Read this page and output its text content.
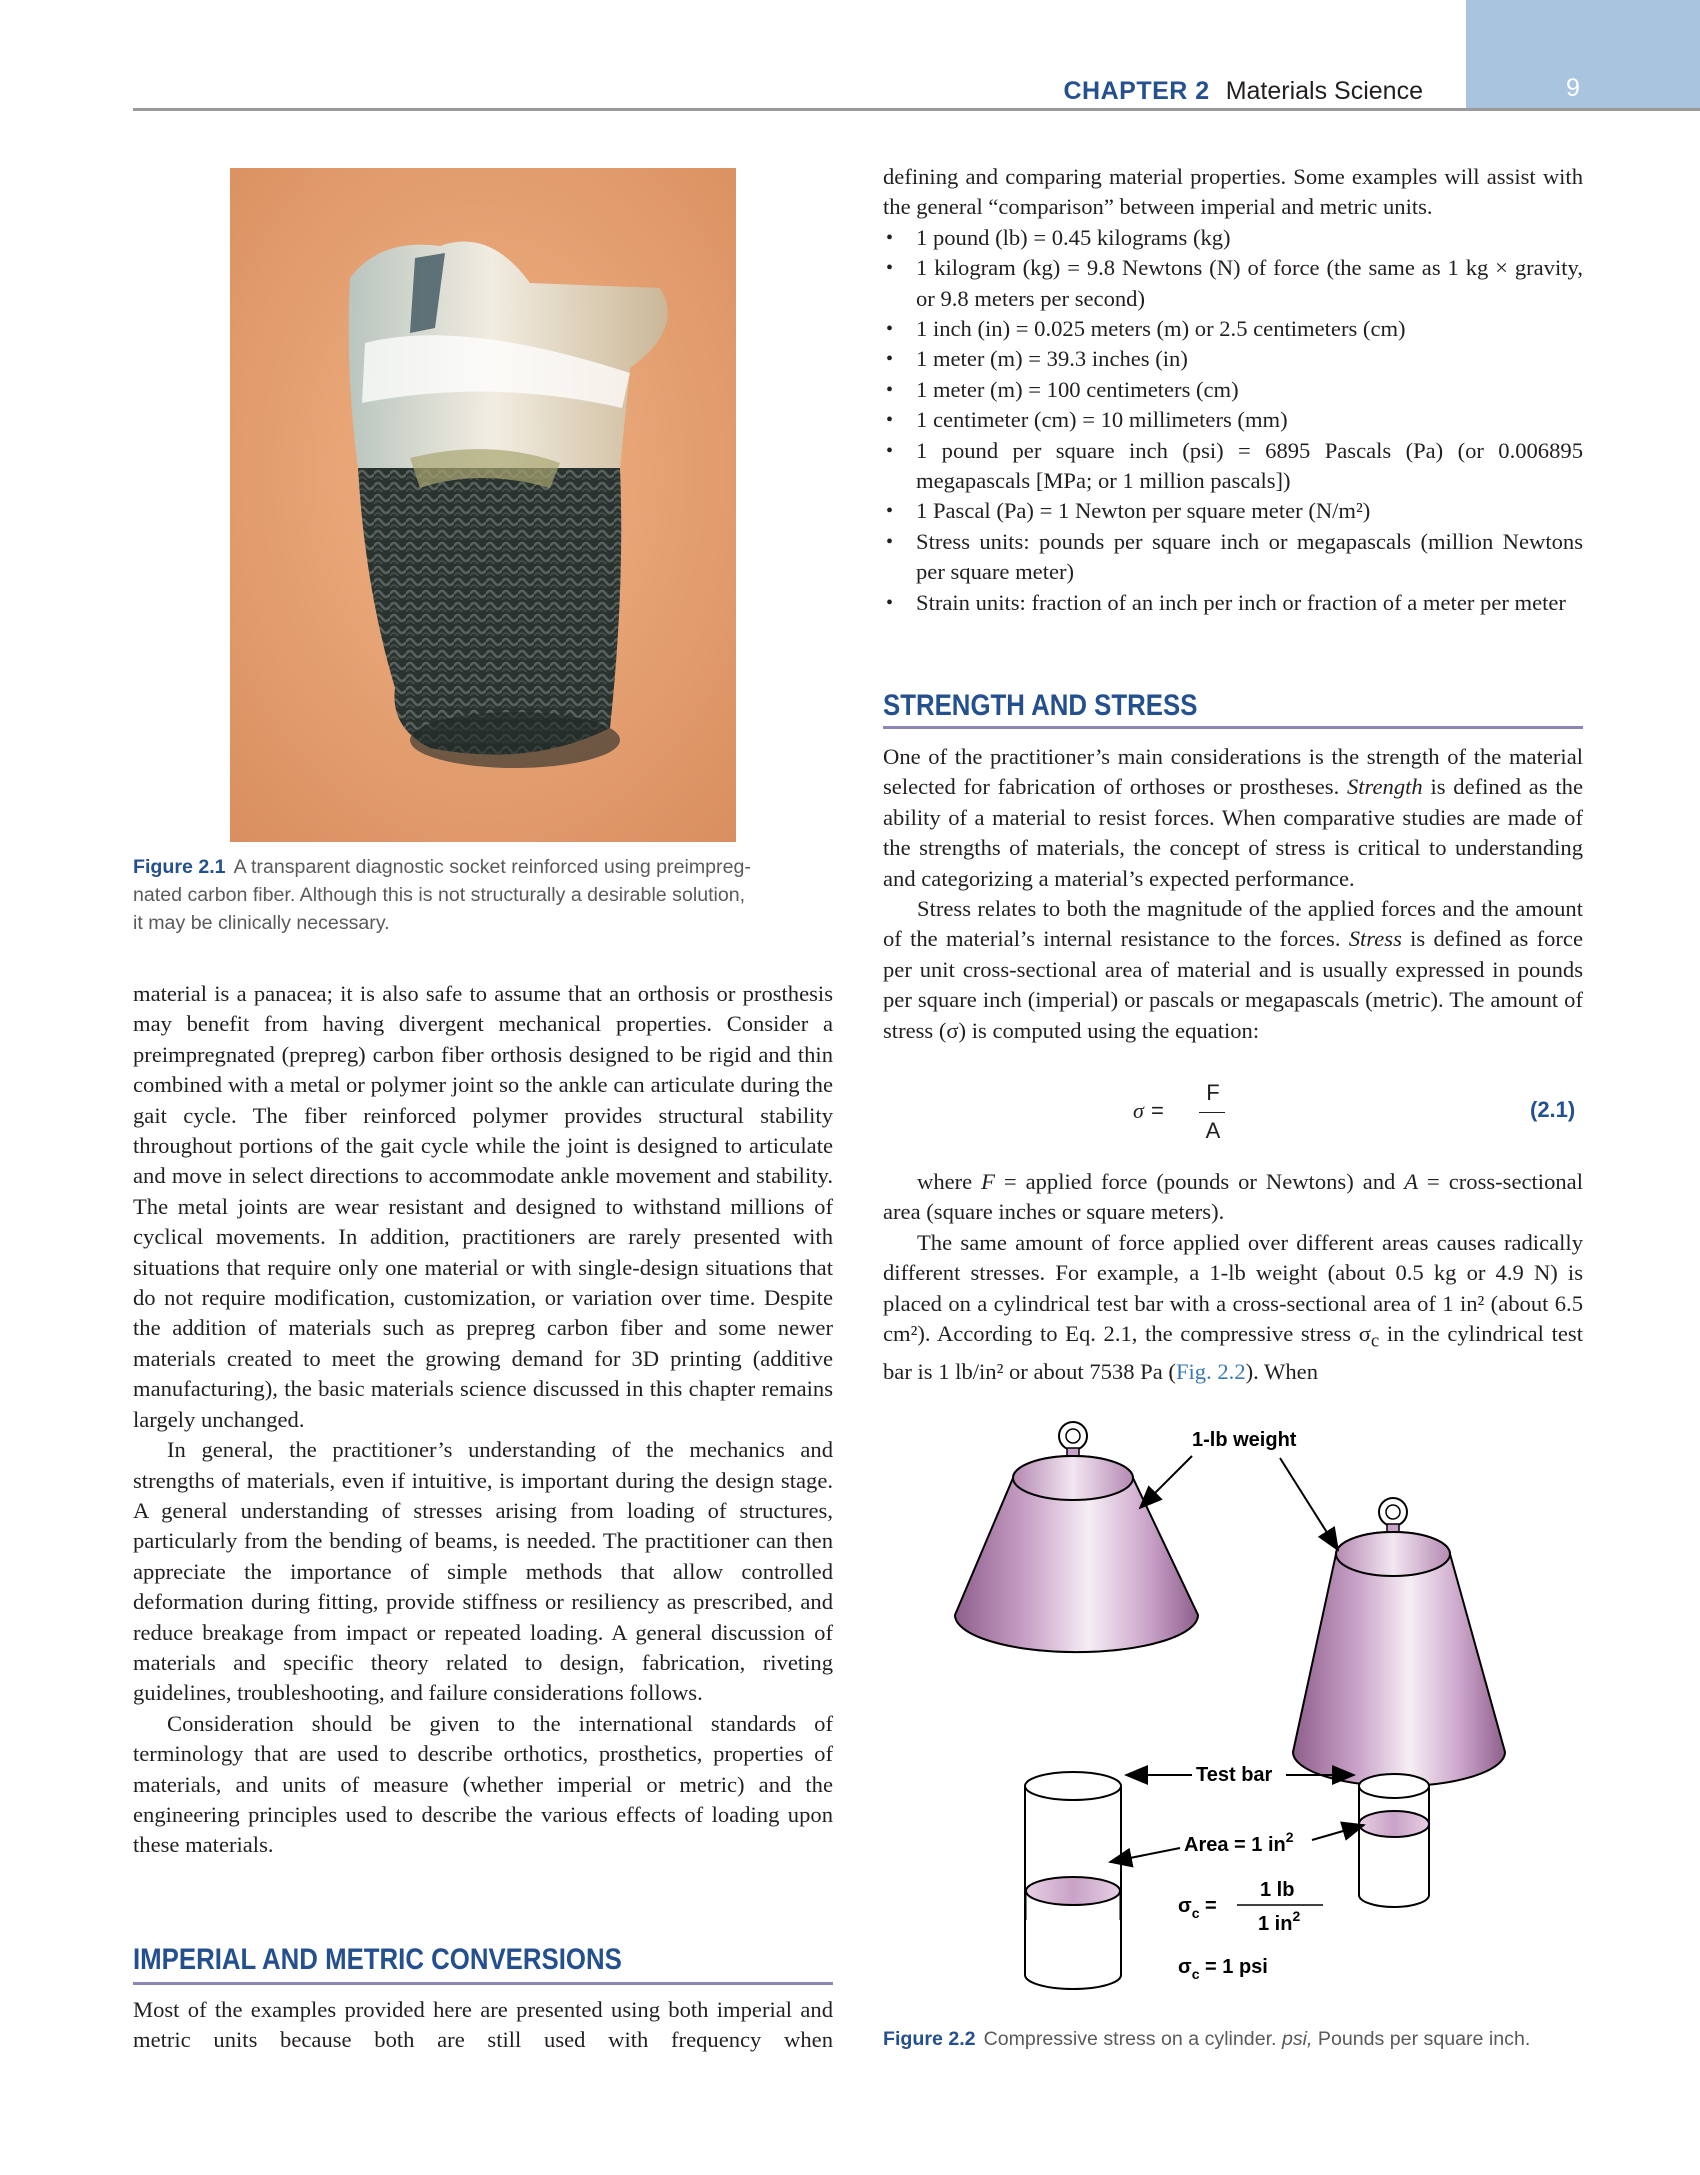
CHAPTER 2 Materials Science	9
Figure 2.1 A transparent diagnostic socket reinforced using preimpreg-
nated carbon fiber. Although this is not structurally a desirable solution,
it may be clinically necessary.

material is a panacea; it is also safe to assume that an orthosis or prosthesis may benefit from having divergent mechanical properties. Consider a preimpregnated (prepreg) carbon fiber orthosis designed to be rigid and thin combined with a metal or polymer joint so the ankle can articulate during the gait cycle. The fiber reinforced polymer provides structural stability throughout portions of the gait cycle while the joint is designed to articulate and move in select directions to accommodate ankle movement and stability. The metal joints are wear resistant and designed to withstand millions of cyclical movements. In addition, practitioners are rarely presented with situations that require only one material or with single-design situations that do not require modification, customization, or variation over time. Despite the addition of materials such as prepreg carbon fiber and some newer materials created to meet the growing demand for 3D printing (additive manufacturing), the basic materials science discussed in this chapter remains largely unchanged.

In general, the practitioner’s understanding of the mechanics and strengths of materials, even if intuitive, is important during the design stage. A general understanding of stresses arising from loading of structures, particularly from the bending of beams, is needed. The practitioner can then appreciate the importance of simple methods that allow controlled deformation during fitting, provide stiffness or resiliency as prescribed, and reduce breakage from impact or repeated loading. A general discussion of materials and specific theory related to design, fabrication, riveting guidelines, troubleshooting, and failure considerations follows.

Consideration should be given to the international standards of terminology that are used to describe orthotics, prosthetics, properties of materials, and units of measure (whether imperial or metric) and the engineering principles used to describe the various effects of loading upon these materials.

IMPERIAL AND METRIC CONVERSIONS

Most of the examples provided here are presented using both imperial and metric units because both are still used with frequency when

defining and comparing material properties. Some examples will assist with the general “comparison” between imperial and metric units.

• 1 pound (lb) = 0.45 kilograms (kg)
• 1 kilogram (kg) = 9.8 Newtons (N) of force (the same as 1 kg × gravity, or 9.8 meters per second)
• 1 inch (in) = 0.025 meters (m) or 2.5 centimeters (cm)
• 1 meter (m) = 39.3 inches (in)
• 1 meter (m) = 100 centimeters (cm)
• 1 centimeter (cm) = 10 millimeters (mm)
• 1 pound per square inch (psi) = 6895 Pascals (Pa) (or 0.006895 megapascals [MPa; or 1 million pascals])
• 1 Pascal (Pa) = 1 Newton per square meter (N/m²)
• Stress units: pounds per square inch or megapascals (million Newtons per square meter)
• Strain units: fraction of an inch per inch or fraction of a meter per meter
STRENGTH AND STRESS

One of the practitioner’s main considerations is the strength of the material selected for fabrication of orthoses or prostheses. Strength is defined as the ability of a material to resist forces. When comparative studies are made of the strengths of materials, the concept of stress is critical to understanding and categorizing a material’s expected performance.

Stress relates to both the magnitude of the applied forces and the amount of the material’s internal resistance to the forces. Stress is defined as force per unit cross-sectional area of material and is usually expressed in pounds per square inch (imperial) or pascals or megapascals (metric). The amount of stress (σ) is computed using the equation:

σ =
F
A
(2.1)

where F = applied force (pounds or Newtons) and A = cross-sectional area (square inches or square meters).

The same amount of force applied over different areas causes radically different stresses. For example, a 1-lb weight (about 0.5 kg or 4.9 N) is placed on a cylindrical test bar with a cross-sectional area of 1 in² (about 6.5 cm²). According to Eq. 2.1, the compressive stress $\sigma_c$ in the cylindrical test bar is 1 lb/in² or about 7538 Pa (Fig. 2.2). When

1-lb weight
Test bar
Area = 1 $in^2$
$\sigma_c$ =
1 lb
1 $in^2$
$\sigma_c = 1$ psi
Figure 2.2 Compressive stress on a cylinder. psi, Pounds per square inch.
